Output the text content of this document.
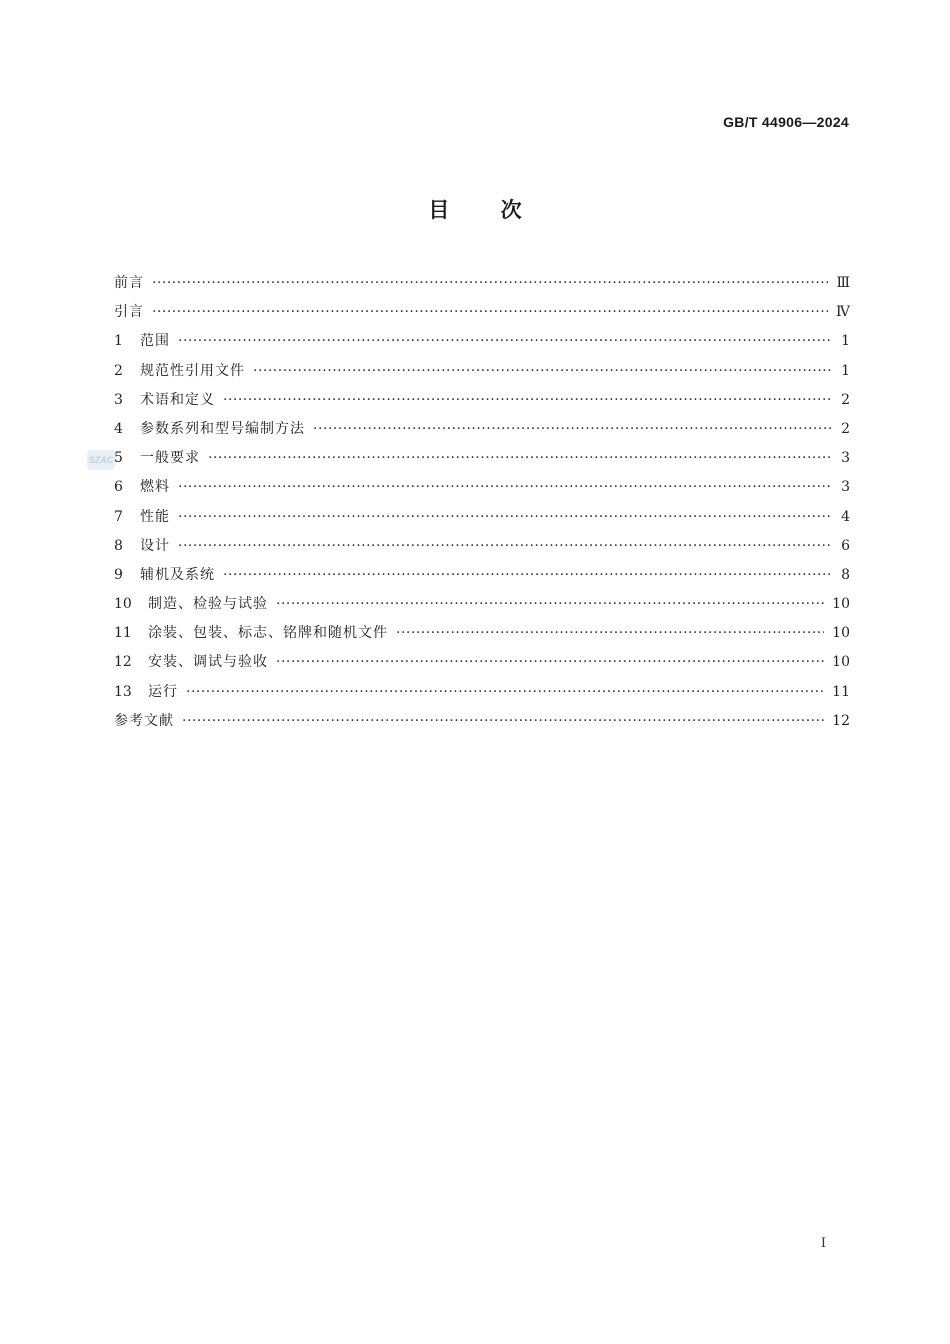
GB/T 44906—2024
目 次
SZAC
前言 ·····	Ⅲ
引言 ·····	Ⅳ
1	范围 ·····	1
2	规范性引用文件 ·····	1
3	术语和定义 ·····	2
4	参数系列和型号编制方法 ·····	2
5	一般要求 ·····	3
6	燃料 ·····	3
7	性能 ·····	4
8	设计 ·····	6
9	辅机及系统 ·····	8
10	制造、检验与试验 ·····	10
11	涂装、包装、标志、铭牌和随机文件 ·····	10
12	安装、调试与验收 ·····	10
13	运行 ·····	11
参考文献 ·····	12
I
